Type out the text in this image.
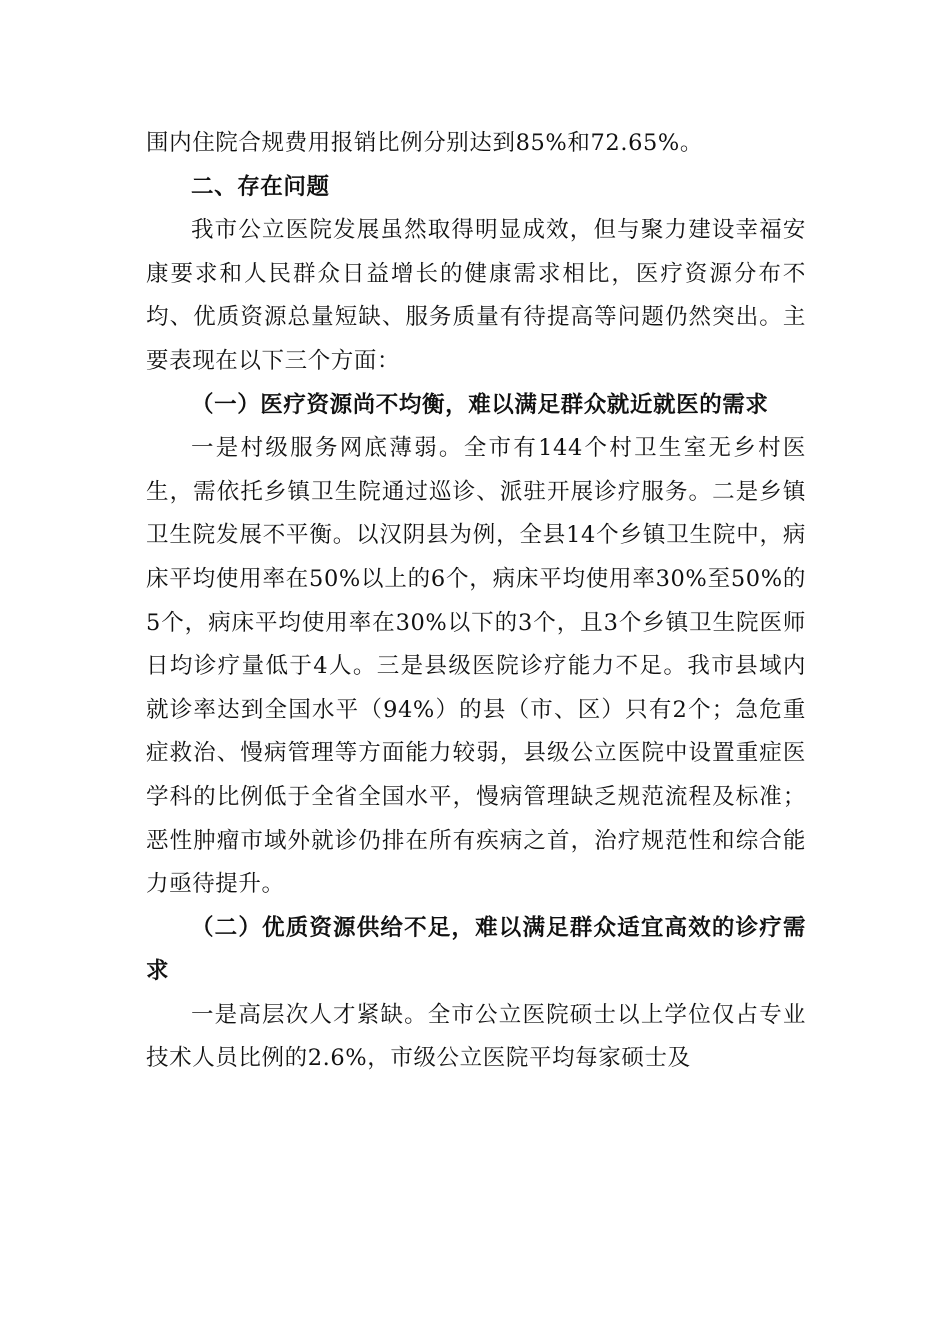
围内住院合规费用报销比例分别达到85%和72.65%。

二、存在问题

我市公立医院发展虽然取得明显成效，但与聚力建设幸福安康要求和人民群众日益增长的健康需求相比，医疗资源分布不均、优质资源总量短缺、服务质量有待提高等问题仍然突出。主要表现在以下三个方面：

（一）医疗资源尚不均衡，难以满足群众就近就医的需求

一是村级服务网底薄弱。全市有144个村卫生室无乡村医生，需依托乡镇卫生院通过巡诊、派驻开展诊疗服务。二是乡镇卫生院发展不平衡。以汉阴县为例，全县14个乡镇卫生院中，病床平均使用率在50%以上的6个，病床平均使用率30%至50%的5个，病床平均使用率在30%以下的3个，且3个乡镇卫生院医师日均诊疗量低于4人。三是县级医院诊疗能力不足。我市县域内就诊率达到全国水平（94%）的县（市、区）只有2个；急危重症救治、慢病管理等方面能力较弱，县级公立医院中设置重症医学科的比例低于全省全国水平，慢病管理缺乏规范流程及标准；恶性肿瘤市域外就诊仍排在所有疾病之首，治疗规范性和综合能力亟待提升。

（二）优质资源供给不足，难以满足群众适宜高效的诊疗需求

一是高层次人才紧缺。全市公立医院硕士以上学位仅占专业技术人员比例的2.6%，市级公立医院平均每家硕士及
